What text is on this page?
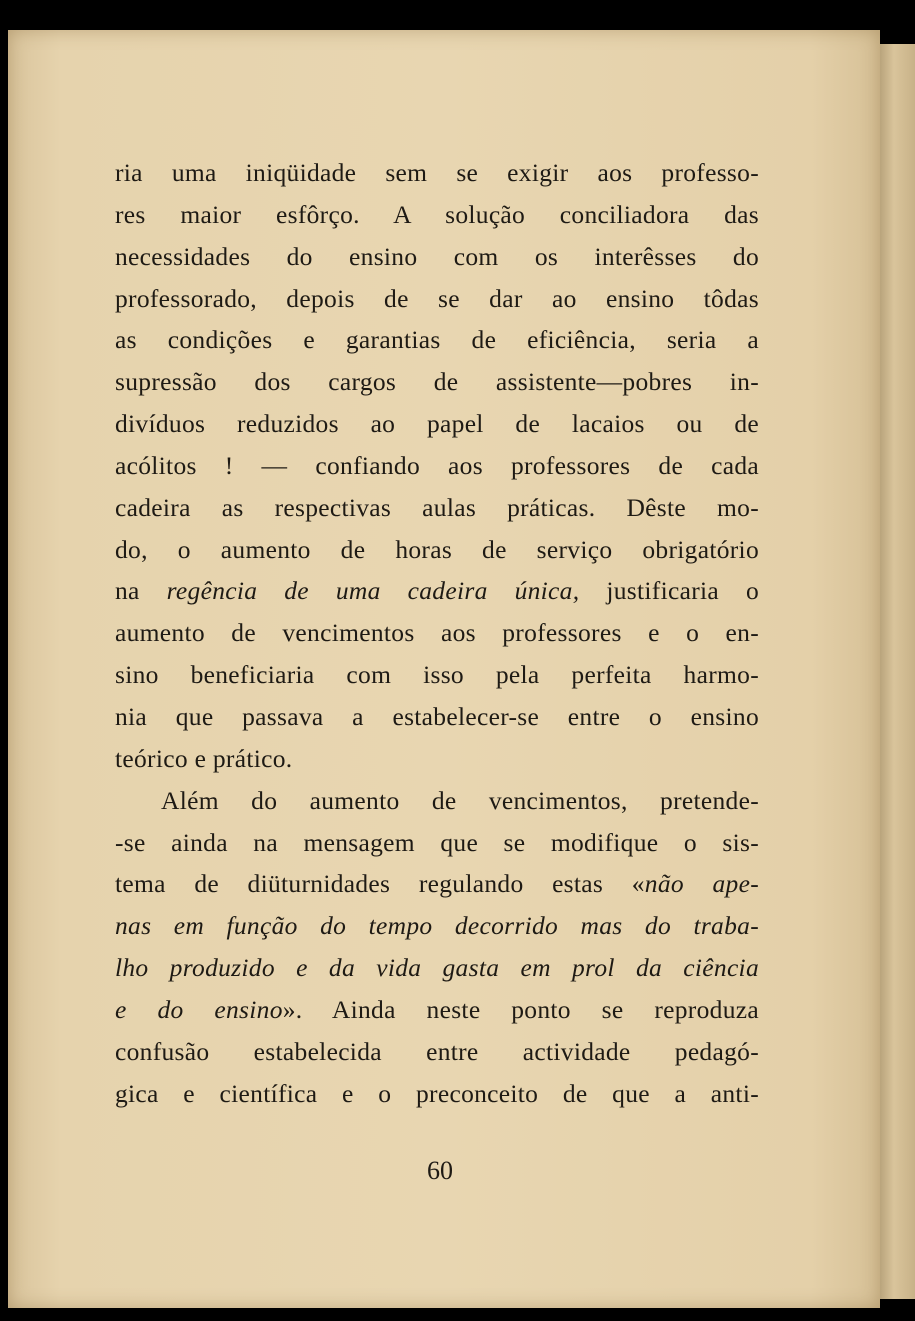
ria uma iniqüidade sem se exigir aos professo-
res maior esfôrço. A solução conciliadora das
necessidades do ensino com os interêsses do
professorado, depois de se dar ao ensino tôdas
as condições e garantias de eficiência, seria a
supressão dos cargos de assistente—pobres in-
divíduos reduzidos ao papel de lacaios ou de
acólitos ! — confiando aos professores de cada
cadeira as respectivas aulas práticas. Dêste mo-
do, o aumento de horas de serviço obrigatório
na regência de uma cadeira única, justificaria o
aumento de vencimentos aos professores e o en-
sino beneficiaria com isso pela perfeita harmo-
nia que passava a estabelecer-se entre o ensino
teórico e prático.
Além do aumento de vencimentos, pretende-
-se ainda na mensagem que se modifique o sis-
tema de diüturnidades regulando estas «não ape-
nas em função do tempo decorrido mas do traba-
lho produzido e da vida gasta em prol da ciência
e do ensino». Ainda neste ponto se reproduza
confusão estabelecida entre actividade pedagó-
gica e científica e o preconceito de que a anti-
60
